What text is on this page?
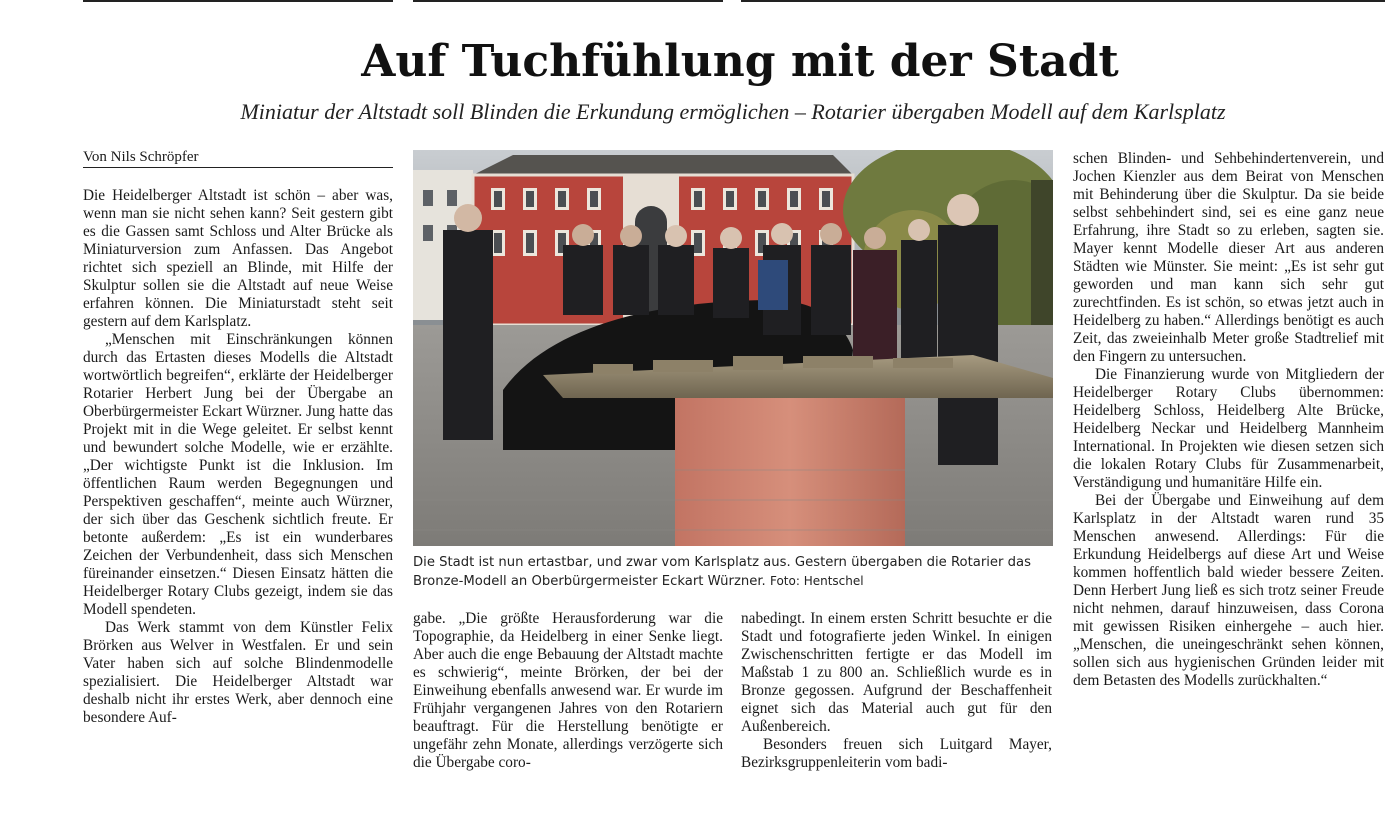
Auf Tuchfühlung mit der Stadt

Miniatur der Altstadt soll Blinden die Erkundung ermöglichen – Rotarier übergaben Modell auf dem Karlsplatz

Von Nils Schröpfer

Die Heidelberger Altstadt ist schön – aber was, wenn man sie nicht sehen kann? Seit gestern gibt es die Gassen samt Schloss und Alter Brücke als Miniaturversion zum Anfassen. Das Angebot richtet sich speziell an Blinde, mit Hilfe der Skulptur sollen sie die Altstadt auf neue Weise erfahren können. Die Miniaturstadt steht seit gestern auf dem Karlsplatz.

„Menschen mit Einschränkungen können durch das Ertasten dieses Modells die Altstadt wortwörtlich begreifen“, erklärte der Heidelberger Rotarier Herbert Jung bei der Übergabe an Oberbürgermeister Eckart Würzner. Jung hatte das Projekt mit in die Wege geleitet. Er selbst kennt und bewundert solche Modelle, wie er erzählte. „Der wichtigste Punkt ist die Inklusion. Im öffentlichen Raum werden Begegnungen und Perspektiven geschaffen“, meinte auch Würzner, der sich über das Geschenk sichtlich freute. Er betonte außerdem: „Es ist ein wunderbares Zeichen der Verbundenheit, dass sich Menschen füreinander einsetzen.“ Diesen Einsatz hätten die Heidelberger Rotary Clubs gezeigt, indem sie das Modell spendeten.

Das Werk stammt von dem Künstler Felix Brörken aus Welver in Westfalen. Er und sein Vater haben sich auf solche Blindenmodelle spezialisiert. Die Heidelberger Altstadt war deshalb nicht ihr erstes Werk, aber dennoch eine besondere Auf-

Die Stadt ist nun ertastbar, und zwar vom Karlsplatz aus. Gestern übergaben die Rotarier das Bronze-Modell an Oberbürgermeister Eckart Würzner. Foto: Hentschel

gabe. „Die größte Herausforderung war die Topographie, da Heidelberg in einer Senke liegt. Aber auch die enge Bebauung der Altstadt machte es schwierig“, meinte Brörken, der bei der Einweihung ebenfalls anwesend war. Er wurde im Frühjahr vergangenen Jahres von den Rotariern beauftragt. Für die Herstellung benötigte er ungefähr zehn Monate, allerdings verzögerte sich die Übergabe coro-

nabedingt. In einem ersten Schritt besuchte er die Stadt und fotografierte jeden Winkel. In einigen Zwischenschritten fertigte er das Modell im Maßstab 1 zu 800 an. Schließlich wurde es in Bronze gegossen. Aufgrund der Beschaffenheit eignet sich das Material auch gut für den Außenbereich.

Besonders freuen sich Luitgard Mayer, Bezirksgruppenleiterin vom badi-

schen Blinden- und Sehbehindertenverein, und Jochen Kienzler aus dem Beirat von Menschen mit Behinderung über die Skulptur. Da sie beide selbst sehbehindert sind, sei es eine ganz neue Erfahrung, ihre Stadt so zu erleben, sagten sie. Mayer kennt Modelle dieser Art aus anderen Städten wie Münster. Sie meint: „Es ist sehr gut geworden und man kann sich sehr gut zurechtfinden. Es ist schön, so etwas jetzt auch in Heidelberg zu haben.“ Allerdings benötigt es auch Zeit, das zweieinhalb Meter große Stadtrelief mit den Fingern zu untersuchen.

Die Finanzierung wurde von Mitgliedern der Heidelberger Rotary Clubs übernommen: Heidelberg Schloss, Heidelberg Alte Brücke, Heidelberg Neckar und Heidelberg Mannheim International. In Projekten wie diesen setzen sich die lokalen Rotary Clubs für Zusammenarbeit, Verständigung und humanitäre Hilfe ein.

Bei der Übergabe und Einweihung auf dem Karlsplatz in der Altstadt waren rund 35 Menschen anwesend. Allerdings: Für die Erkundung Heidelbergs auf diese Art und Weise kommen hoffentlich bald wieder bessere Zeiten. Denn Herbert Jung ließ es sich trotz seiner Freude nicht nehmen, darauf hinzuweisen, dass Corona mit gewissen Risiken einhergehe – auch hier. „Menschen, die uneingeschränkt sehen können, sollen sich aus hygienischen Gründen leider mit dem Betasten des Modells zurückhalten.“
